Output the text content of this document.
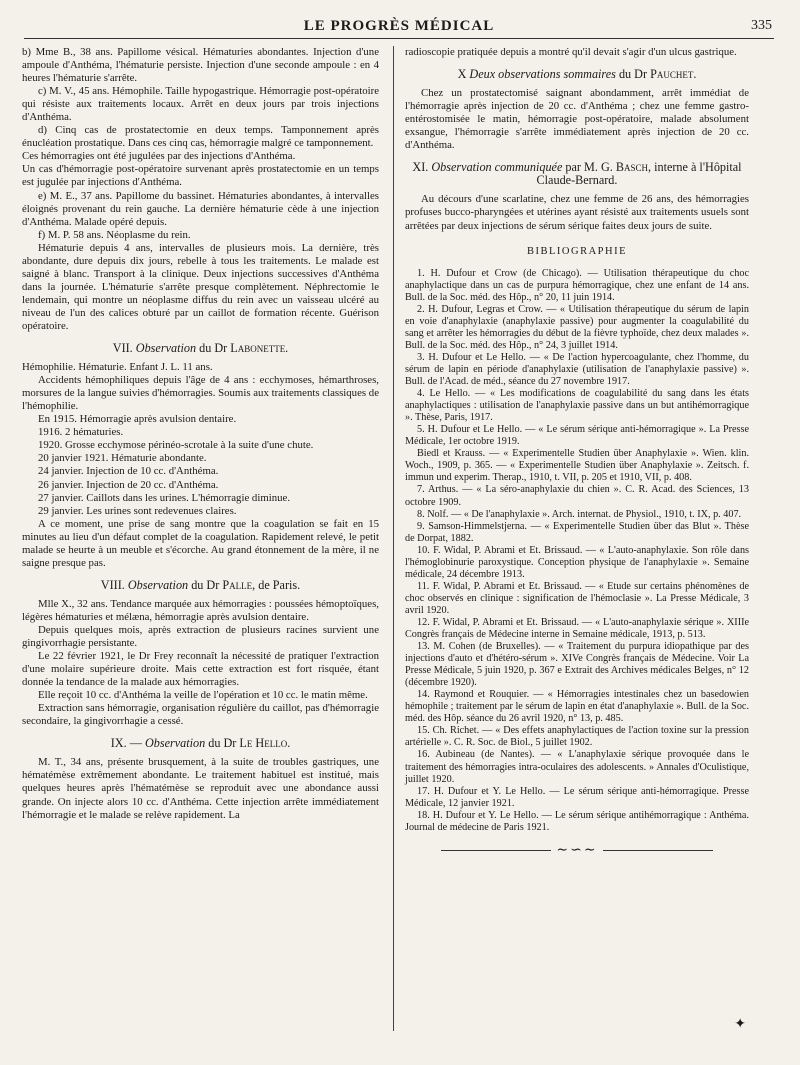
LE PROGRÈS MÉDICAL	335

b) Mme B., 38 ans. Papillome vésical. Hématuries abondantes. Injection d'une ampoule d'Anthéma, l'hématurie persiste. Injection d'une seconde ampoule : en 4 heures l'hématurie s'arrête.

c) M. V., 45 ans. Hémophile. Taille hypogastrique. Hémorragie post-opératoire qui résiste aux traitements locaux. Arrêt en deux jours par trois injections d'Anthéma.

d) Cinq cas de prostatectomie en deux temps. Tamponnement après énucléation prostatique. Dans ces cinq cas, hémorragie malgré ce tamponnement.

Ces hémorragies ont été jugulées par des injections d'Anthéma.

Un cas d'hémorragie post-opératoire survenant après prostatectomie en un temps est jugulée par injections d'Anthéma.

e) M. E., 37 ans. Papillome du bassinet. Hématuries abondantes, à intervalles éloignés provenant du rein gauche. La dernière hématurie cède à une injection d'Anthéma. Malade opéré depuis.

f) M. P. 58 ans. Néoplasme du rein.

Hématurie depuis 4 ans, intervalles de plusieurs mois. La dernière, très abondante, dure depuis dix jours, rebelle à tous les traitements. Le malade est saigné à blanc. Transport à la clinique. Deux injections successives d'Anthéma dans la journée. L'hématurie s'arrête presque complètement. Néphrectomie le lendemain, qui montre un néoplasme diffus du rein avec un vaisseau ulcéré au niveau de l'un des calices obturé par un caillot de formation récente. Guérison opératoire.

VII. Observation du Dr Labonette.

Hémophilie. Hématurie. Enfant J. L. 11 ans.

Accidents hémophiliques depuis l'âge de 4 ans : ecchymoses, hémarthroses, morsures de la langue suivies d'hémorragies. Soumis aux traitements classiques de l'hémophilie.

En 1915. Hémorragie après avulsion dentaire.

1916. 2 hématuries.

1920. Grosse ecchymose périnéo-scrotale à la suite d'une chute.

20 janvier 1921. Hématurie abondante.

24 janvier. Injection de 10 cc. d'Anthéma.

26 janvier. Injection de 20 cc. d'Anthéma.

27 janvier. Caillots dans les urines. L'hémorragie diminue.

29 janvier. Les urines sont redevenues claires.

A ce moment, une prise de sang montre que la coagulation se fait en 15 minutes au lieu d'un défaut complet de la coagulation. Rapidement relevé, le petit malade se heurte à un meuble et s'écorche. Au grand étonnement de la mère, il ne saigne presque pas.

VIII. Observation du Dr Palle, de Paris.

Mlle X., 32 ans. Tendance marquée aux hémorragies : poussées hémoptoïques, légères hématuries et mélæna, hémorragie après avulsion dentaire.

Depuis quelques mois, après extraction de plusieurs racines survient une gingivorrhagie persistante.

Le 22 février 1921, le Dr Frey reconnaît la nécessité de pratiquer l'extraction d'une molaire supérieure droite. Mais cette extraction est fort risquée, étant donnée la tendance de la malade aux hémorragies.

Elle reçoit 10 cc. d'Anthéma la veille de l'opération et 10 cc. le matin même.

Extraction sans hémorragie, organisation régulière du caillot, pas d'hémorragie secondaire, la gingivorrhagie a cessé.

IX. — Observation du Dr Le Hello.

M. T., 34 ans, présente brusquement, à la suite de troubles gastriques, une hématémèse extrêmement abondante. Le traitement habituel est institué, mais quelques heures après l'hématémèse se reproduit avec une abondance aussi grande. On injecte alors 10 cc. d'Anthéma. Cette injection arrête immédiatement l'hémorragie et le malade se relève rapidement. La

radioscopie pratiquée depuis a montré qu'il devait s'agir d'un ulcus gastrique.

X Deux observations sommaires du Dr Pauchet.

Chez un prostatectomisé saignant abondamment, arrêt immédiat de l'hémorragie après injection de 20 cc. d'Anthéma ; chez une femme gastro-entérostomisée le matin, hémorragie post-opératoire, malade absolument exsangue, l'hémorragie s'arrête immédiatement après injection de 20 cc. d'Anthéma.

XI. Observation communiquée par M. G. Basch, interne à l'Hôpital Claude-Bernard.

Au décours d'une scarlatine, chez une femme de 26 ans, des hémorragies profuses bucco-pharyngées et utérines ayant résisté aux traitements usuels sont arrêtées par deux injections de sérum sérique faites deux jours de suite.

BIBLIOGRAPHIE

1. H. Dufour et Crow (de Chicago). — Utilisation thérapeutique du choc anaphylactique dans un cas de purpura hémorragique, chez une enfant de 14 ans. Bull. de la Soc. méd. des Hôp., n° 20, 11 juin 1914.

2. H. Dufour, Legras et Crow. — « Utilisation thérapeutique du sérum de lapin en voie d'anaphylaxie (anaphylaxie passive) pour augmenter la coagulabilité du sang et arrêter les hémorragies du début de la fièvre typhoïde, chez deux malades ». Bull. de la Soc. méd. des Hôp., n° 24, 3 juillet 1914.

3. H. Dufour et Le Hello. — « De l'action hypercoagulante, chez l'homme, du sérum de lapin en période d'anaphylaxie (utilisation de l'anaphylaxie passive) ». Bull. de l'Acad. de méd., séance du 27 novembre 1917.

4. Le Hello. — « Les modifications de coagulabilité du sang dans les états anaphylactiques : utilisation de l'anaphylaxie passive dans un but antihémorragique ». Thèse, Paris, 1917.

5. H. Dufour et Le Hello. — « Le sérum sérique anti-hémorragique ». La Presse Médicale, 1er octobre 1919.

Biedl et Krauss. — « Experimentelle Studien über Anaphylaxie ». Wien. klin. Woch., 1909, p. 365. — « Experimentelle Studien über Anaphylaxie ». Zeitsch. f. immun und experim. Therap., 1910, t. VII, p. 205 et 1910, VII, p. 408.

7. Arthus. — « La séro-anaphylaxie du chien ». C. R. Acad. des Sciences, 13 octobre 1909.

8. Nolf. — « De l'anaphylaxie ». Arch. internat. de Physiol., 1910, t. IX, p. 407.

9. Samson-Himmelstjerna. — « Experimentelle Studien über das Blut ». Thèse de Dorpat, 1882.

10. F. Widal, P. Abrami et Et. Brissaud. — « L'auto-anaphylaxie. Son rôle dans l'hémoglobinurie paroxystique. Conception physique de l'anaphylaxie ». Semaine médicale, 24 décembre 1913.

11. F. Widal, P. Abrami et Et. Brissaud. — « Etude sur certains phénomènes de choc observés en clinique : signification de l'hémoclasie ». La Presse Médicale, 3 avril 1920.

12. F. Widal, P. Abrami et Et. Brissaud. — « L'auto-anaphylaxie sérique ». XIIIe Congrès français de Médecine interne in Semaine médicale, 1913, p. 513.

13. M. Cohen (de Bruxelles). — « Traitement du purpura idiopathique par des injections d'auto et d'hétéro-sérum ». XIVe Congrès français de Médecine. Voir La Presse Médicale, 5 juin 1920, p. 367 e Extrait des Archives médicales Belges, n° 12 (décembre 1920).

14. Raymond et Rouquier. — « Hémorragies intestinales chez un basedowien hémophile ; traitement par le sérum de lapin en état d'anaphylaxie ». Bull. de la Soc. méd. des Hôp. séance du 26 avril 1920, n° 13, p. 485.

15. Ch. Richet. — « Des effets anaphylactiques de l'action toxine sur la pression artérielle ». C. R. Soc. de Biol., 5 juillet 1902.

16. Aubineau (de Nantes). — « L'anaphylaxie sérique provoquée dans le traitement des hémorragies intra-oculaires des adolescents. » Annales d'Oculistique, juillet 1920.

17. H. Dufour et Y. Le Hello. — Le sérum sérique anti-hémorragique. Presse Médicale, 12 janvier 1921.

18. H. Dufour et Y. Le Hello. — Le sérum sérique antihémorragique : Anthéma. Journal de médecine de Paris 1921.

∼∽∼
✦
